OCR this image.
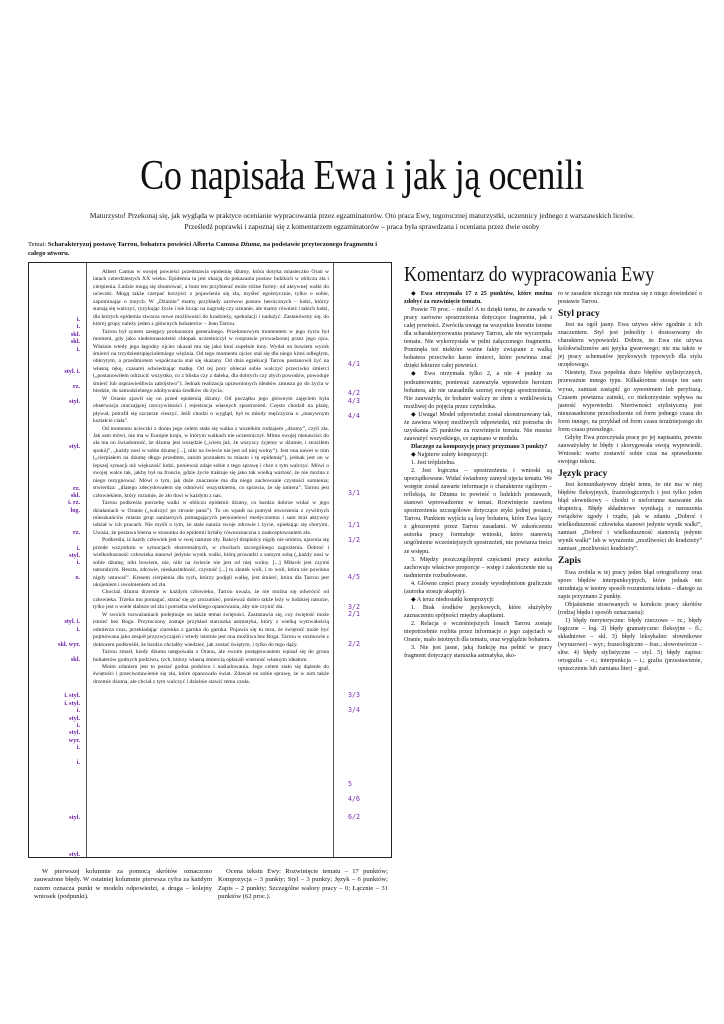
Co napisała Ewa i jak ją ocenili
Maturzysto! Przekonaj się, jak wygląda w praktyce ocenianie wypracowania przez egzaminatorów. Oto praca Ewy, tegorocznej maturzystki, uczennicy jednego z warszawskich liceów.
Prześledź poprawki i zapoznaj się z komentarzem egzaminatorów – praca była sprawdzana i oceniana przez dwie osoby
Temat: Scharakteryzuj postawę Tarrou, bohatera powieści Alberta Camusa Dżuma, na podstawie przytoczonego fragmentu i całego utworu.
i.
i.
skł.
skł.
i.
styl. i.
rz.
styl.
styl.
rz.
skł.
i. rz.
log.
rz.
i.
styl.
i.
o.
styl. i.
i.
skł. wyr.
skł.
i. styl.
i. styl.
i.
styl.
i.
styl.
wyr.
i.
i.
styl.
styl.

Albert Camus w swojej powieści przedstawia epidemię dżumy, która dotyka miasteczko Oran w latach czterdziestych XX wieku. Epidemia ta jest okazją do pokazania postaw ludzkich w obliczu zła i cierpienia. Ludzie mogą się zbuntować, a bunt ten przybierać może różne formy: od aktywnej walki do ucieczki. Mogą także czerpać korzyści z pojawienia się zła, myśleć egoistycznie, tylko o sobie, zapominając o innych. W „Dżumie” mamy przykłady zarówno postaw heroicznych – ludzi, którzy starają się walczyć, ryzykując życie i nie licząc na nagrodę czy uznanie, ale mamy również i takich ludzi, dla których epidemia stwarza nowe możliwości do kradzieży, spekulacji i nadużyć. Zastanówmy się, do której grupy należy jeden z głównych bohaterów – Jean Tarrou.

Tarrou był synem zastępcy prokuratora generalnego. Przełomowym momentem w jego życiu był moment, gdy jako siedemnastoletni chłopak uczestniczył w rozprawie prowadzonej przez jego ojca. Właśnie wtedy jego łagodny ojciec ukazał mu się jako ktoś zupełnie inny. Wydał on bowiem wyrok śmierci na trzydziestopięcioletniego więźnia. Od tego momentu ojciec stał się dla niego kimś odległym, obkrytym, a przedmiotem współczucia stał się skazany. Od dnia egzekucji Tarrou postanowił żyć na własną rękę, czasami odwiedzając matkę. Od tej pory obiecał sobie walczyć przeciwko śmierci („postanowiłem odrzucić wszystko, co z bliska czy z daleka, dla dobrych czy złych powodów, powoduje śmierć lub usprawiedliwia zabójstwo”). Jednak realizacja uprawnionych ideałów zmusza go do życia w biedzie, do samodzielnego zdobywania środków do życia.

W Oranie zjawił się on przed epidemią dżumy. Od początku jego głównym zajęciem była obserwacja otaczającej rzeczywistości i rejestracja własnych spostrzeżeń. Często chodził na plażę, pływał, potrafił się szczerze cieszyć. Jeśli chodzi o wygląd, był to młody mężczyzna o „masywnym kształcie ciała”.

Od momentu ucieczki z domu jego celem stała się walka z wszelkim rodzajem „dżumy”, czyli zła. Jak sam mówi, nie ma w Europie kraju, w którym walkach nie uczestniczył. Mimo swojej nienawiści do zła ma on świadomość, że dżuma jest wszędzie („wiem już, że wszyscy żyjemy w dżumie, i straciłem spokój”, „każdy nosi w sobie dżumę [...], nikt na świecie nie jest od niej wolny”). Jest ona nawet w nim („cierpiałem na dżumę długo przedtem, zanim poznałem to miasto i tę epidemię”), jednak jest on w lepszej sytuacji niż większość ludzi, ponieważ zdaje sobie z tego sprawę i chce z tym walczyć. Mówi o swojej walce tak, jakby był na froncie, gdzie życie traktuje się jako tak wielką wartość, że nie można z niego rezygnować. Mówi o tym, jak duże znaczenie ma dla niego zachowanie czystości sumienia; stwierdza: „dlatego zdecydowałem się odmówić wszystkiemu, co sprawia, że się umiera”. Tarrou jest człowiekiem, który rozumie, że zło tkwi w każdym z nas.

Tarrou podkreśla potrzebę walki w obliczu epidemii dżumy, co bardzo dobrze widać w jego działaniach w Oranie („walczyć po stronie pana”). To on wpadł na pomysł stworzenia z cywilnych mieszkańców miasta grup sanitarnych pomagających personelowi medycznemu i sam brał aktywny udział w ich pracach. Nie myśli o tym, że stale naraża swoje zdrowie i życie, opiekując się chorymi. Uważa, że postawa biernа w stosunku do epidemii byłaby równoznaczna z zaakceptowaniem zła.

Podkreśla, iż każdy człowiek jest w swej naturze zły. Bakcyl drapieżcy nigdy nie umiera, ujawnia się przede wszystkim w sytuacjach ekstremalnych, w chwilach szczególnego zagrożenia. Dobroć i wielkoduszność człowieka stanowi jedynie wynik walki, którą prowadzi z samym sobą („każdy nosi w sobie dżumę, nikt bowiem, nie, nikt na świecie nie jest od niej wolny. [...] Mikrob jest czymś naturalnym. Reszta, zdrowie, nieskazitelność, czystość [...] to skutek woli, i to woli, która nie powinna nigdy ustawać”. Kresem cierpienia dla tych, którzy podjęli walkę, jest śmierć, która dla Tarrou jest ukojeniem i uwolnieniem od zła.

Chociaż dżuma drzemie w każdym człowieku, Tarrou uważa, że nie można się odwrócić od człowieka. Trzeba mu pomagać, starać się go zrozumieć, ponieważ dobro także leży w ludzkiej naturze, tylko jest o wiele słabsze od zła i potrzeba wielkiego opanowania, aby nie czynić zła.

W swoich rozważaniach podejmuje on także temat świętości. Zastanawia się, czy świętość może istnieć bez Boga. Przytoczony zostaje przykład staruszka astmatyka, który z wielką wytrwałością odmierza czas, przekładając ziarenka z garnka do garnka. Pojawia się tu teza, że świętość może być pojmowana jako zespół przyzwyczajeń i wtedy istotnie jest ona możliwa bez Boga. Tarrou w rozmowie z doktorem podkreślił, że bardzo chciałby wiedzieć, jak zostać świętym, i tylko do tego dąży.

Tarrou zmarł, kiedy dżuma ustępowała z Oranu, ale swoim postępowaniem wpisał się do grona bohaterów godnych podziwu, tych, którzy własną śmiercią opłacali wierność własnym ideałom.

Moim zdaniem jest to postać godna podziwu i naśladowania. Jego celem stało się dążenie do świętości i przeciwstawienie się złu, które opanowało świat. Zdawał on sobie sprawę, że w nim także drzemie dżuma, ale chciał z tym walczyć i dzielnie stawić temu czoła.

4/1
4/2
4/3
4/4
3/1
1/1
1/2
4/5
3/2
2/1
2/2
3/3
3/4
5
4/6
6/2
W pierwszej kolumnie za pomocą skrótów oznaczono zauważone błędy. W ostatniej kolumnie pierwsza cyfra za każdym razem oznacza punkt w modelu odpowiedzi, a druga – kolejny wniosek (podpunkt).
Ocena tekstu Ewy: Rozwinięcie tematu – 17 punktów; Kompozycja – 3 punkty; Styl – 3 punkty; Język – 6 punktów; Zapis – 2 punkty; Szczególne walory pracy – 0; Łącznie – 31 punktów (62 proc.).
Komentarz do wypracowania Ewy

◆ Ewa otrzymała 17 z 25 punktów, które można zdobyć za rozwinięcie tematu.

Prawie 70 proc. – nieźle! A to dzięki temu, że zawarła w pracy zarówno spostrzeżenia dotyczące fragmentu, jak i całej powieści. Zwróciła uwagę na wszystkie kwestie istotne dla scharakteryzowania postawy Tarrou, ale nie wyczerpała tematu. Nie wykorzystała w pełni załączonego fragmentu. Pominęła też niektóre ważne fakty związane z walką bohatera przeciwko karze śmierci, które powinna znać dzięki lekturze całej powieści.

◆ Ewa otrzymała tylko 2, a nie 4 punkty za podsumowanie, ponieważ zauważyła wprawdzie heroizm bohatera, ale nie uzasadniła szerzej swojego spostrzeżenia. Nie zauważyła, że bohater walczy ze złem z wnikliwością możliwej do pojęcia przez czytelnika.

◆ Uwaga! Model odpowiedzi został skonstruowany tak, że zawiera więcej możliwych odpowiedzi, niż potrzeba do uzyskania 25 punktów za rozwinięcie tematu. Nie musisz zauważyć wszystkiego, co zapisano w modelu.

Dlaczego za kompozycję pracy przyznano 3 punkty?

◆ Najpierw zalety kompozycji:

1. Jest trójdzielna.

2. Jest logiczna – spostrzeżenia i wnioski są uporządkowane. Widać świadomy zamysł ujęcia tematu. We wstępie został zawarte informacje o charakterze ogólnym – refleksja, że Dżuma to powieść o ludzkich postawach, stanowi wprowadzenie w temat. Rozwinięcie zawiera spostrzeżenia szczegółowe dotyczące etyki jednej postaci, Tarrou. Punktem wyjścia są losy bohatera, które Ewa łączy z głoszonymi przez Tarrou zasadami. W zakończeniu autorka pracy formułuje wnioski, które stanowią uogólnienie wcześniejszych spostrzeżeń, nie powtarza treści ze wstępu.

3. Między poszczególnymi częściami pracy autorka zachowuje właściwe proporcje – wstęp i zakończenie nie są nadmiernie rozbudowane.

4. Główne części pracy zostały wyodrębnione graficznie (autorka stosuje akapity).

◆ A teraz niedostatki kompozycji:

1. Brak środków językowych, które służyłyby zaznaczeniu spójności między akapitami.

2. Relacja o wcześniejszych losach Tarrou zostaje niepotrzebnie rozbita przez informacje o jego zajęciach w Oranie, mało istotnych dla tematu, oraz wyglądzie bohatera.

3. Nie jest jasne, jaką funkcję ma pełnić w pracy fragment dotyczący staruszka astmatyka, sko-

ro w zasadzie niczego nie można się z niego dowiedzieć o postawie Tarrou.

Styl pracy

Jest na ogół jasny. Ewa używa słów zgodnie z ich znaczeniem. Styl jest jednolity i dostosowany do charakteru wypowiedzi. Dobrze, że Ewa nie używa kolokwializmów ani języka gwarowego; nie ma także w jej pracy schematów językowych typowych dla stylu urzędowego.

Niestety, Ewa popełnia dużo błędów stylistycznych, przeważnie innego typu. Kilkakrotnie stosuje ten sam wyraz, zamiast zastąpić go synonimem lub peryfrazą. Czasem powtarza zaimki, co niekorzystnie wpływa na jasność wypowiedzi. Nierówności stylistyczną jest nieuzasadnione przechodzenie od form jednego czasu do form innego, na przykład od form czasu teraźniejszego do form czasu przeszłego.

Gdyby Ewa przeczytała pracę po jej napisaniu, pewnie zauważyłaby te błędy i skorygowała swoją wypowiedź. Wniosek: warto zostawić sobie czas na sprawdzenie swojego tekstu.

Język pracy

Jest komunikatywny dzięki temu, że nie ma w niej błędów fleksyjnych, frazeologicznych i jest tylko jeden błąd słownikowy – chodzi o nieforunne nazwanie zła drapieżcą. Błędy składniowe wynikają z naruszenia związków zgody i rządu, jak w zdaniu „Dobroć i wielkoduszność człowieka stanowi jedynie wynik walki”, zamiast „Dobroć i wielkoduszność stanowią jedynie wynik walki” lub w wyrażeniu „możliwości do kradzieży” zamiast „możliwości kradzieży”.

Zapis

Ewa zrobiła w tej pracy jeden błąd ortograficzny oraz sporo błędów interpunkcyjnych, które jednak nie utrudniają w istotny sposób rozumienia tekstu – dlatego za zapis przyznano 2 punkty.

Objaśnienie stosowanych w korekcie pracy skrótów (rodzaj błędu i sposób oznaczania):

1) błędy merytoryczne: błędy rzeczowe – rz.; błędy logiczne – log. 2) błędy gramatyczne: fleksyjne – fl.; składniowe – skł. 3) błędy leksykalne: słownikowe (wyrazowe) – wyr.; frazeologiczne – fraz.; słowotwórcze – sltw. 4) błędy stylistyczne – styl. 5) błędy zapisu: ortografia – o.; interpunkcja – i.; grafia (przestawienie, opuszczenie lub zamiana liter) – graf.
